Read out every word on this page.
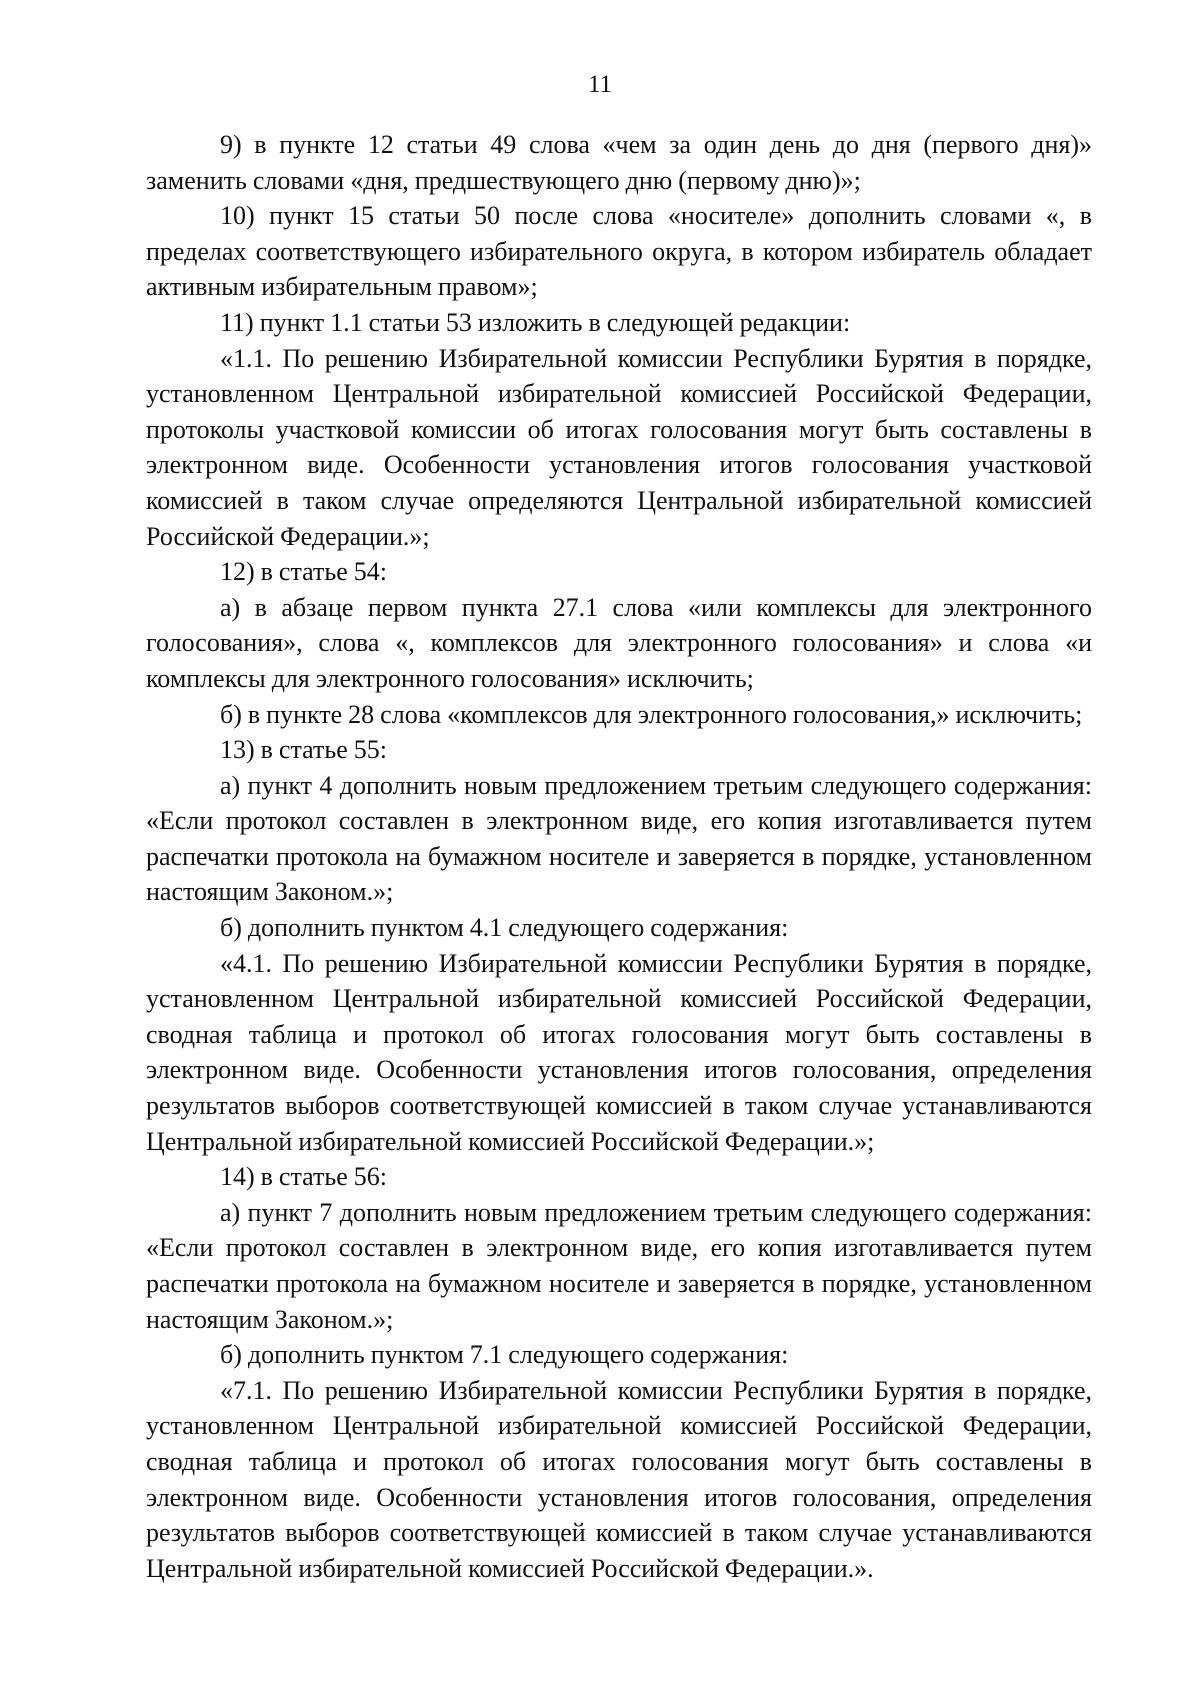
11

9) в пункте 12 статьи 49 слова «чем за один день до дня (первого дня)» заменить словами «дня, предшествующего дню (первому дню)»;

10) пункт 15 статьи 50 после слова «носителе» дополнить словами «, в пределах соответствующего избирательного округа, в котором избиратель обладает активным избирательным правом»;

11) пункт 1.1 статьи 53 изложить в следующей редакции:

«1.1. По решению Избирательной комиссии Республики Бурятия в порядке, установленном Центральной избирательной комиссией Российской Федерации, протоколы участковой комиссии об итогах голосования могут быть составлены в электронном виде. Особенности установления итогов голосования участковой комиссией в таком случае определяются Центральной избирательной комиссией Российской Федерации.»;

12) в статье 54:

а) в абзаце первом пункта 27.1 слова «или комплексы для электронного голосования», слова «, комплексов для электронного голосования» и слова «и комплексы для электронного голосования» исключить;

б) в пункте 28 слова «комплексов для электронного голосования,» исключить;

13) в статье 55:

а) пункт 4 дополнить новым предложением третьим следующего содержания: «Если протокол составлен в электронном виде, его копия изготавливается путем распечатки протокола на бумажном носителе и заверяется в порядке, установленном настоящим Законом.»;

б) дополнить пунктом 4.1 следующего содержания:

«4.1. По решению Избирательной комиссии Республики Бурятия в порядке, установленном Центральной избирательной комиссией Российской Федерации, сводная таблица и протокол об итогах голосования могут быть составлены в электронном виде. Особенности установления итогов голосования, определения результатов выборов соответствующей комиссией в таком случае устанавливаются Центральной избирательной комиссией Российской Федерации.»;

14) в статье 56:

а) пункт 7 дополнить новым предложением третьим следующего содержания: «Если протокол составлен в электронном виде, его копия изготавливается путем распечатки протокола на бумажном носителе и заверяется в порядке, установленном настоящим Законом.»;

б) дополнить пунктом 7.1 следующего содержания:

«7.1. По решению Избирательной комиссии Республики Бурятия в порядке, установленном Центральной избирательной комиссией Российской Федерации, сводная таблица и протокол об итогах голосования могут быть составлены в электронном виде. Особенности установления итогов голосования, определения результатов выборов соответствующей комиссией в таком случае устанавливаются Центральной избирательной комиссией Российской Федерации.».
